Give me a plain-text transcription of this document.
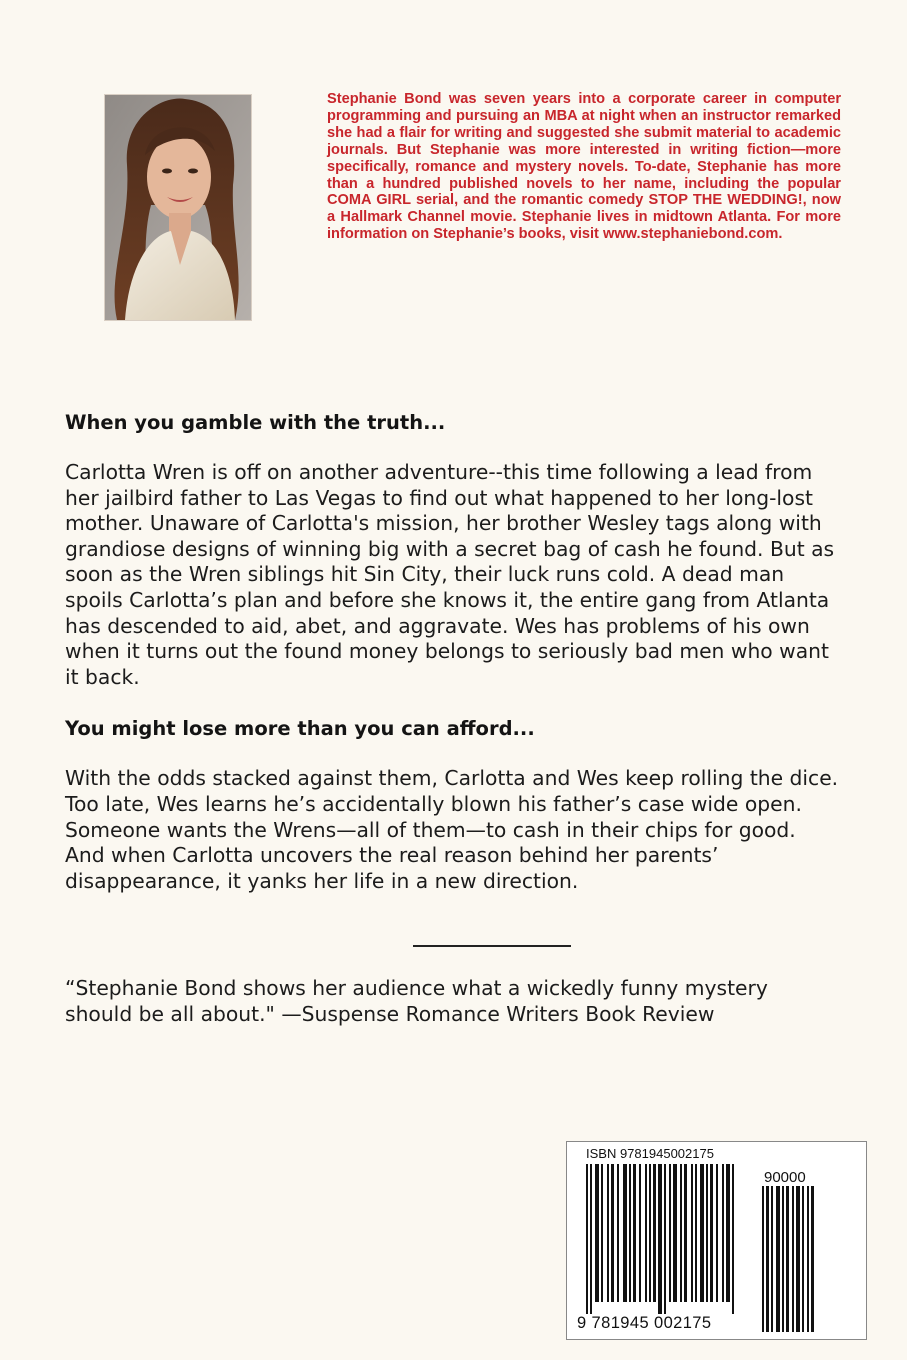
Stephanie Bond was seven years into a corporate career in computer programming and pursuing an MBA at night when an instructor remarked she had a flair for writing and suggested she submit material to academic journals. But Stephanie was more interested in writing fiction—more specifically, romance and mystery novels. To-date, Stephanie has more than a hundred published novels to her name, including the popular COMA GIRL serial, and the romantic comedy STOP THE WEDDING!, now a Hallmark Channel movie. Stephanie lives in midtown Atlanta. For more information on Stephanie’s books, visit www.stephaniebond.com.

When you gamble with the truth...

Carlotta Wren is off on another adventure--this time following a lead from her jailbird father to Las Vegas to find out what happened to her long-lost mother. Unaware of Carlotta's mission, her brother Wesley tags along with grandiose designs of winning big with a secret bag of cash he found. But as soon as the Wren siblings hit Sin City, their luck runs cold. A dead man spoils Carlotta’s plan and before she knows it, the entire gang from Atlanta has descended to aid, abet, and aggravate. Wes has problems of his own when it turns out the found money belongs to seriously bad men who want it back.

You might lose more than you can afford...

With the odds stacked against them, Carlotta and Wes keep rolling the dice. Too late, Wes learns he’s accidentally blown his father’s case wide open. Someone wants the Wrens—all of them—to cash in their chips for good. And when Carlotta uncovers the real reason behind her parents’ disappearance, it yanks her life in a new direction.

“Stephanie Bond shows her audience what a wickedly funny mystery should be all about." —Suspense Romance Writers Book Review

ISBN 9781945002175
90000
9 781945 002175
